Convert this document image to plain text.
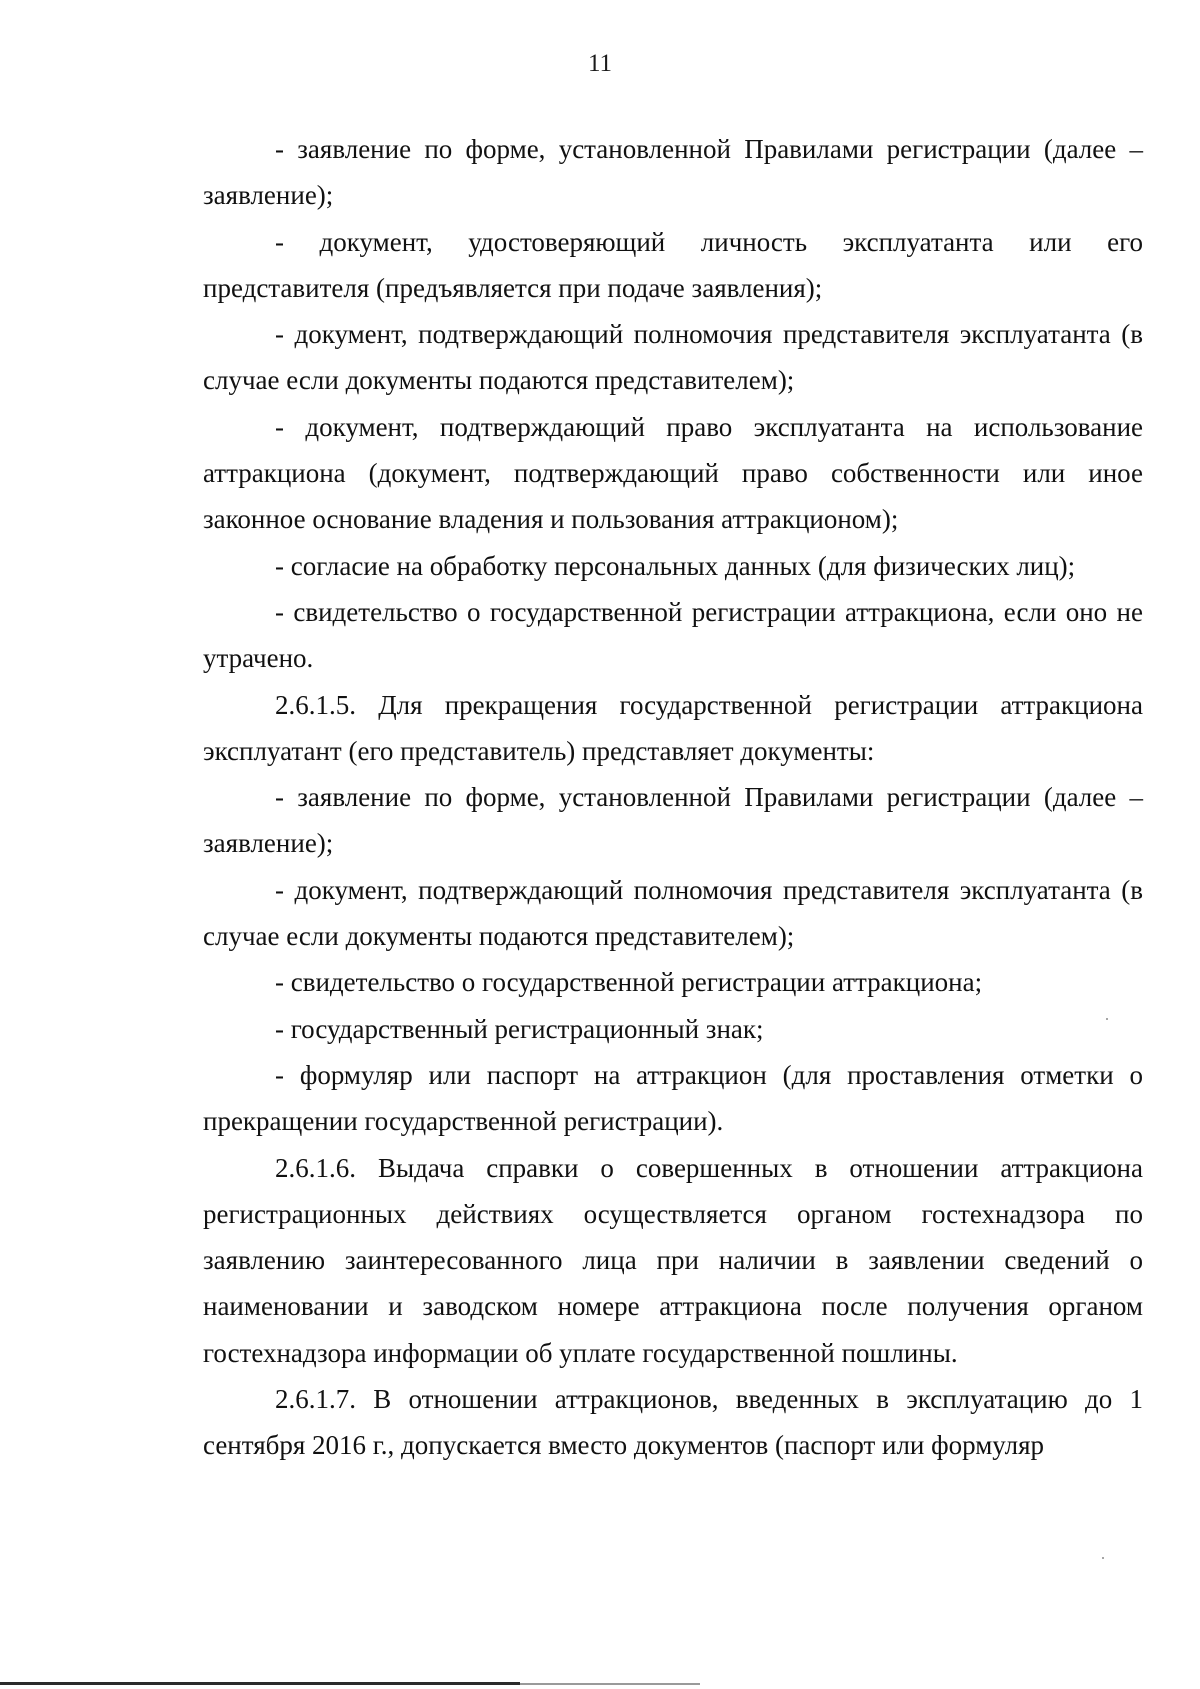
11

- заявление по форме, установленной Правилами регистрации (далее – заявление);

- документ, удостоверяющий личность эксплуатанта или его представителя (предъявляется при подаче заявления);

- документ, подтверждающий полномочия представителя эксплуатанта (в случае если документы подаются представителем);

- документ, подтверждающий право эксплуатанта на использование аттракциона (документ, подтверждающий право собственности или иное законное основание владения и пользования аттракционом);

- согласие на обработку персональных данных (для физических лиц);

- свидетельство о государственной регистрации аттракциона, если оно не утрачено.

2.6.1.5. Для прекращения государственной регистрации аттракциона эксплуатант (его представитель) представляет документы:

- заявление по форме, установленной Правилами регистрации (далее – заявление);

- документ, подтверждающий полномочия представителя эксплуатанта (в случае если документы подаются представителем);

- свидетельство о государственной регистрации аттракциона;

- государственный регистрационный знак;

- формуляр или паспорт на аттракцион (для проставления отметки о прекращении государственной регистрации).

2.6.1.6. Выдача справки о совершенных в отношении аттракциона регистрационных действиях осуществляется органом гостехнадзора по заявлению заинтересованного лица при наличии в заявлении сведений о наименовании и заводском номере аттракциона после получения органом гостехнадзора информации об уплате государственной пошлины.

2.6.1.7. В отношении аттракционов, введенных в эксплуатацию до 1 сентября 2016 г., допускается вместо документов (паспорт или формуляр
